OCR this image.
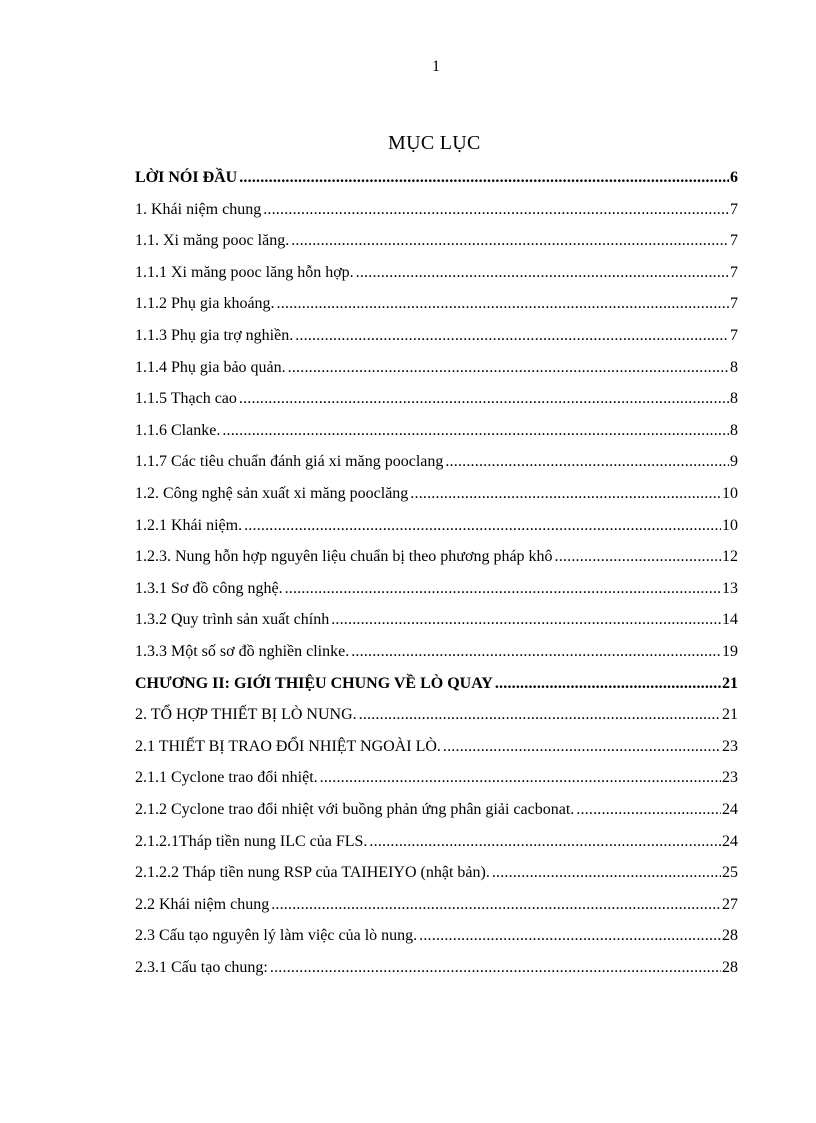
1
MỤC LỤC
LỜI NÓI ĐẦU .....	6
1. Khái niệm chung .....	7
1.1. Xi măng pooc lăng. .....	7
1.1.1 Xi măng pooc lăng hỗn hợp. .....	7
1.1.2 Phụ gia khoáng. .....	7
1.1.3 Phụ gia trợ nghiền. .....	7
1.1.4 Phụ gia bảo quản. .....	8
1.1.5 Thạch cao .....	8
1.1.6 Clanke. .....	8
1.1.7 Các tiêu chuẩn đánh giá xi măng pooclang .....	9
1.2. Công nghệ sản xuất xi măng pooclăng .....	10
1.2.1 Khái niệm. .....	10
1.2.3. Nung hỗn hợp nguyên liệu chuẩn bị theo phương pháp khô .....	12
1.3.1 Sơ đồ công nghệ. .....	13
1.3.2 Quy trình sản xuất chính .....	14
1.3.3 Một số sơ đồ nghiền clinke. .....	19
CHƯƠNG II: GIỚI THIỆU CHUNG VỀ LÒ QUAY .....	21
2. TỔ HỢP THIẾT BỊ LÒ NUNG. .....	21
2.1 THIẾT BỊ TRAO ĐỔI NHIỆT NGOÀI LÒ. .....	23
2.1.1 Cyclone trao đổi nhiệt. .....	23
2.1.2 Cyclone trao đổi nhiệt với buồng phản ứng phân giải cacbonat. .....	24
2.1.2.1Tháp tiền nung ILC của FLS. .....	24
2.1.2.2 Tháp tiền nung RSP của TAIHEIYO (nhật bản). .....	25
2.2 Khái niệm chung .....	27
2.3 Cấu tạo nguyên lý làm việc của lò nung. .....	28
2.3.1 Cấu tạo chung: .....	28
